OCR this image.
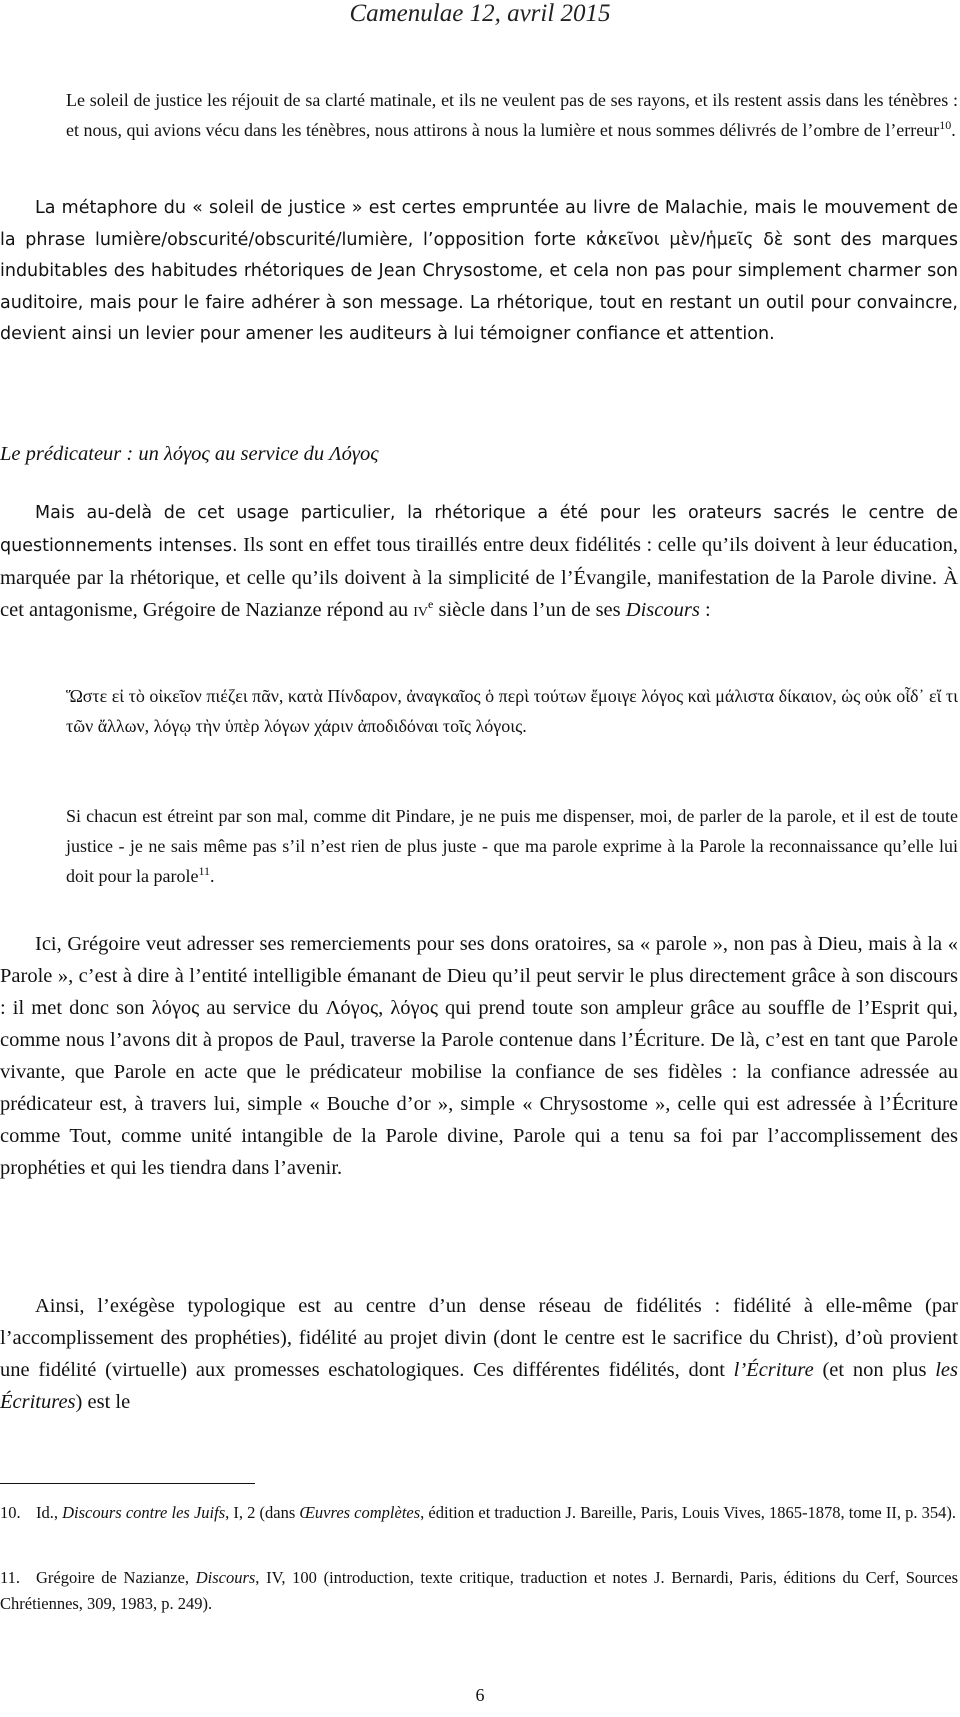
Camenulae 12, avril 2015
Le soleil de justice les réjouit de sa clarté matinale, et ils ne veulent pas de ses rayons, et ils restent assis dans les ténèbres : et nous, qui avions vécu dans les ténèbres, nous attirons à nous la lumière et nous sommes délivrés de l’ombre de l’erreur$^{10}$.

La métaphore du « soleil de justice » est certes empruntée au livre de Malachie, mais le mouvement de la phrase lumière/obscurité/obscurité/lumière, l’opposition forte κἀκεῖνοι μὲν/ἡμεῖς δὲ sont des marques indubitables des habitudes rhétoriques de Jean Chrysostome, et cela non pas pour simplement charmer son auditoire, mais pour le faire adhérer à son message. La rhétorique, tout en restant un outil pour convaincre, devient ainsi un levier pour amener les auditeurs à lui témoigner confiance et attention.

Le prédicateur : un λόγος au service du Λόγος

Mais au-delà de cet usage particulier, la rhétorique a été pour les orateurs sacrés le centre de questionnements intenses. Ils sont en effet tous tiraillés entre deux fidélités : celle qu’ils doivent à leur éducation, marquée par la rhétorique, et celle qu’ils doivent à la simplicité de l’Évangile, manifestation de la Parole divine. À cet antagonisme, Grégoire de Nazianze répond au $iv^e$ siècle dans l’un de ses Discours :

Ὥστε εἰ τὸ οἰκεῖον πιέζει πᾶν, κατὰ Πίνδαρον, ἀναγκαῖος ὁ περὶ τούτων ἔμοιγε λόγος καὶ μάλιστα δίκαιον, ὡς οὐκ οἶδ᾽ εἴ τι τῶν ἄλλων, λόγῳ τὴν ὑπὲρ λόγων χάριν ἀποδιδόναι τοῖς λόγοις.
Si chacun est étreint par son mal, comme dit Pindare, je ne puis me dispenser, moi, de parler de la parole, et il est de toute justice - je ne sais même pas s’il n’est rien de plus juste - que ma parole exprime à la Parole la reconnaissance qu’elle lui doit pour la parole$^{11}$.

Ici, Grégoire veut adresser ses remerciements pour ses dons oratoires, sa « parole », non pas à Dieu, mais à la « Parole », c’est à dire à l’entité intelligible émanant de Dieu qu’il peut servir le plus directement grâce à son discours : il met donc son λόγος au service du Λόγος, λόγος qui prend toute son ampleur grâce au souffle de l’Esprit qui, comme nous l’avons dit à propos de Paul, traverse la Parole contenue dans l’Écriture. De là, c’est en tant que Parole vivante, que Parole en acte que le prédicateur mobilise la confiance de ses fidèles : la confiance adressée au prédicateur est, à travers lui, simple « Bouche d’or », simple « Chrysostome », celle qui est adressée à l’Écriture comme Tout, comme unité intangible de la Parole divine, Parole qui a tenu sa foi par l’accomplissement des prophéties et qui les tiendra dans l’avenir.

Ainsi, l’exégèse typologique est au centre d’un dense réseau de fidélités : fidélité à elle-même (par l’accomplissement des prophéties), fidélité au projet divin (dont le centre est le sacrifice du Christ), d’où provient une fidélité (virtuelle) aux promesses eschatologiques. Ces différentes fidélités, dont l’Écriture (et non plus les Écritures) est le

10. Id., Discours contre les Juifs, I, 2 (dans Œuvres complètes, édition et traduction J. Bareille, Paris, Louis Vives, 1865-1878, tome II, p. 354).
11. Grégoire de Nazianze, Discours, IV, 100 (introduction, texte critique, traduction et notes J. Bernardi, Paris, éditions du Cerf, Sources Chrétiennes, 309, 1983, p. 249).
6
